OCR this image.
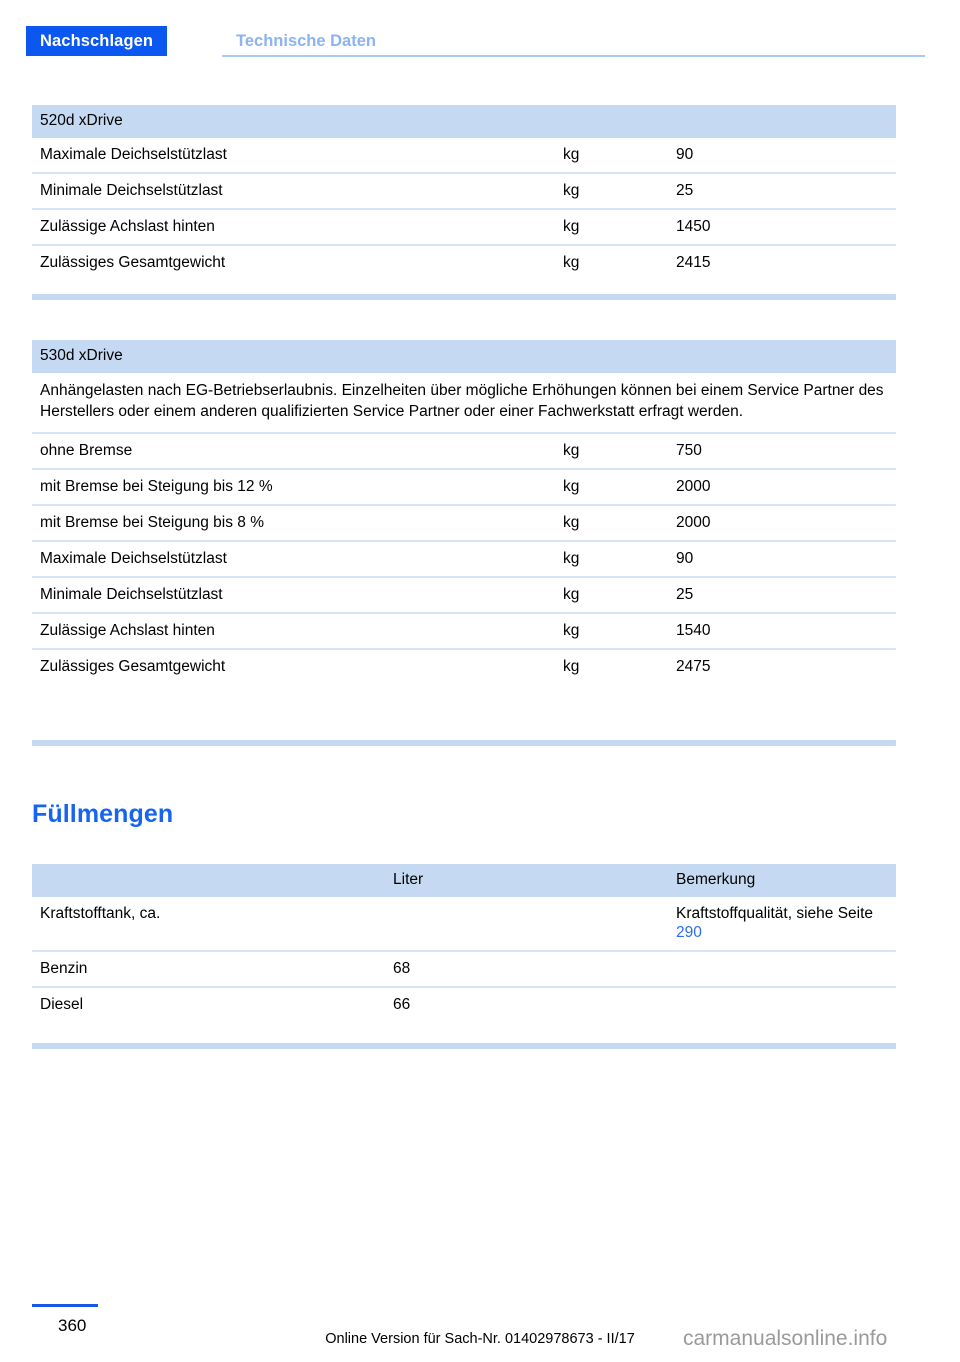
Nachschlagen	Technische Daten
520d xDrive		
Maximale Deichselstützlast	kg	90
Minimale Deichselstützlast	kg	25
Zulässige Achslast hinten	kg	1450
Zulässiges Gesamtgewicht	kg	2415
530d xDrive		
Anhängelasten nach EG-Betriebserlaubnis. Einzelheiten über mögliche Erhöhungen können bei einem Service Partner des Herstellers oder einem anderen qualifizierten Service Partner oder einer Fachwerkstatt erfragt werden.		
ohne Bremse	kg	750
mit Bremse bei Steigung bis 12 %	kg	2000
mit Bremse bei Steigung bis 8 %	kg	2000
Maximale Deichselstützlast	kg	90
Minimale Deichselstützlast	kg	25
Zulässige Achslast hinten	kg	1540
Zulässiges Gesamtgewicht	kg	2475
Füllmengen
	Liter	Bemerkung
Kraftstofftank, ca.		Kraftstoffqualität, siehe Seite 290
Benzin	68	
Diesel	66	
360
Online Version für Sach-Nr. 01402978673 - II/17	carmanualsonline.info
